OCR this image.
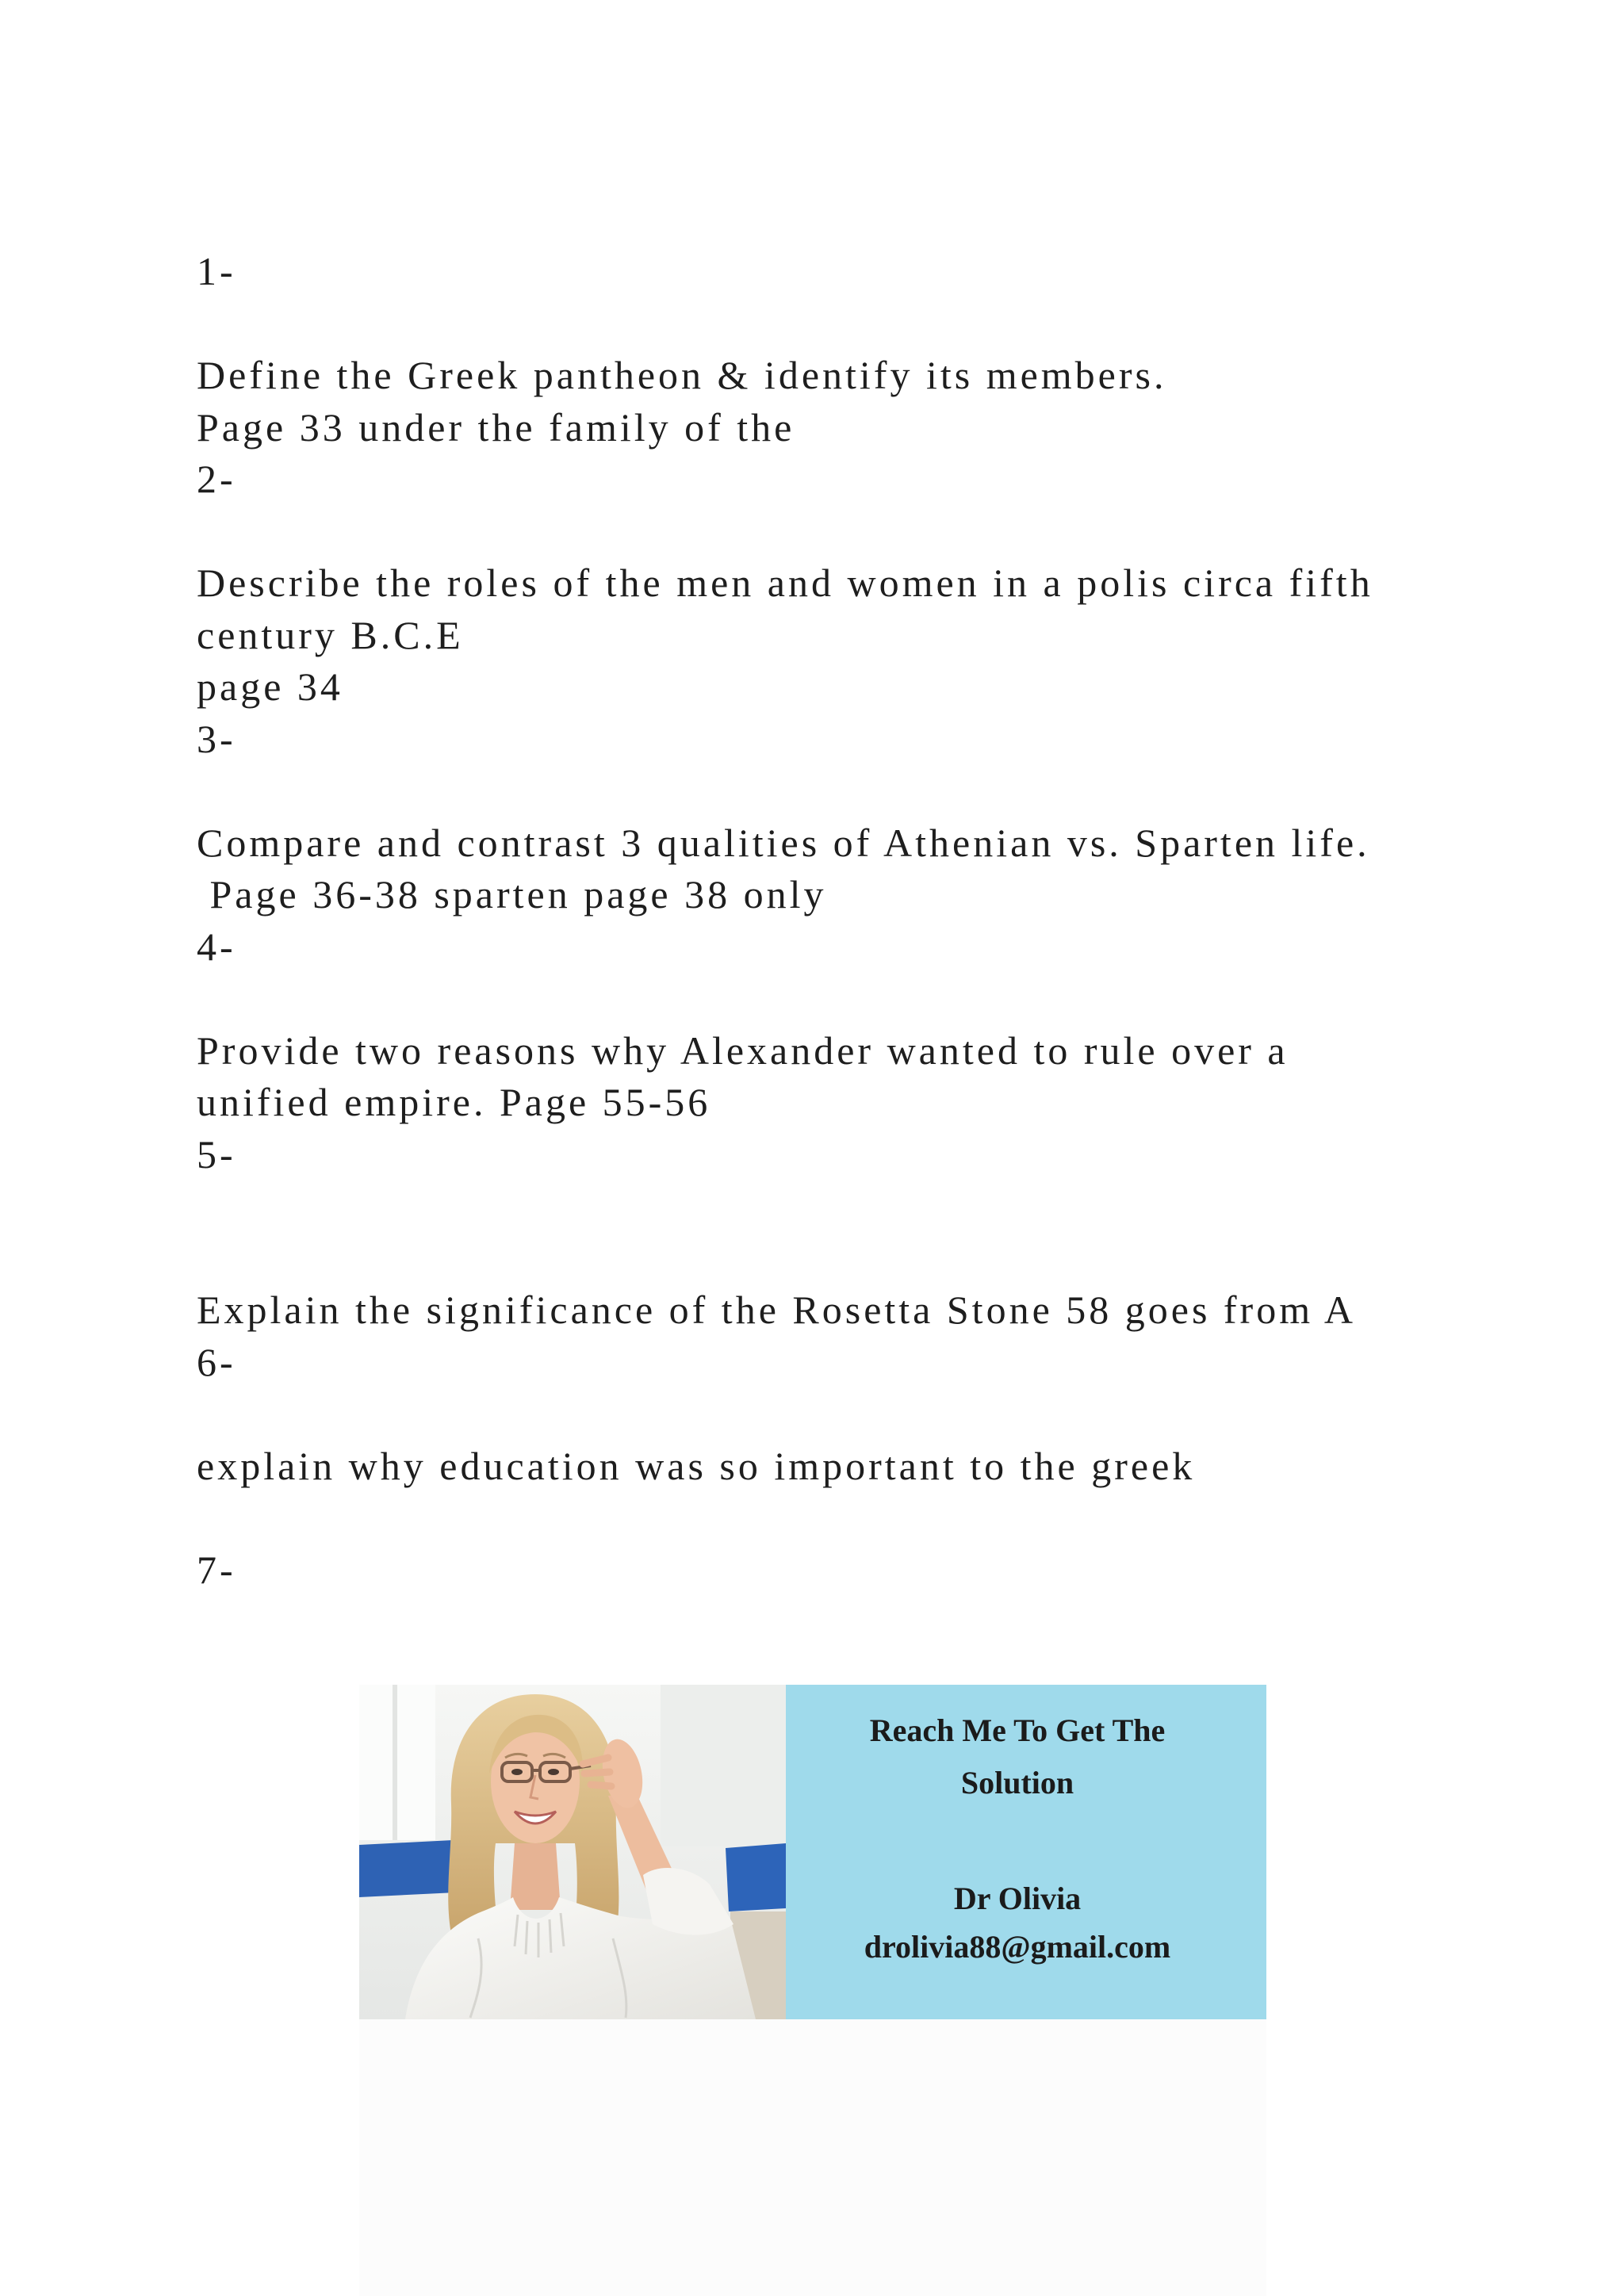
1-
Define the Greek pantheon & identify its members.
Page 33 under the family of the
2-
Describe the roles of the men and women in a polis circa fifth
century B.C.E
page 34
3-
Compare and contrast 3 qualities of Athenian vs. Sparten life.
Page 36-38 sparten page 38 only
4-
Provide two reasons why Alexander wanted to rule over a
unified empire. Page 55-56
5-
Explain the significance of the Rosetta Stone 58 goes from A
6-
explain why education was so important to the greek
7-
Reach Me To Get The
Solution
Dr Olivia
drolivia88@gmail.com
